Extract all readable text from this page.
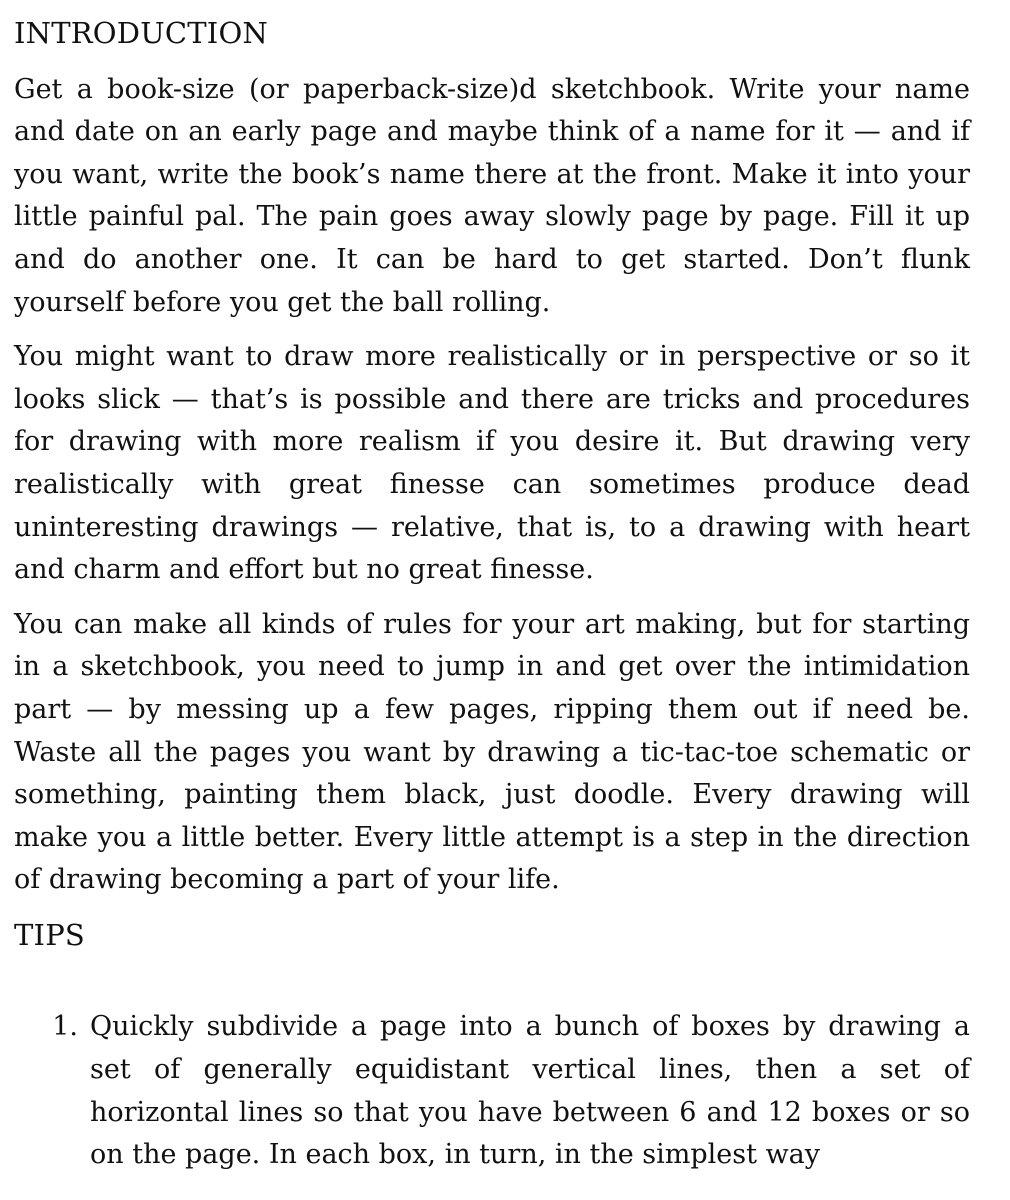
INTRODUCTION

Get a book-size (or paperback-size)d sketchbook. Write your name and date on an early page and maybe think of a name for it — and if you want, write the book’s name there at the front. Make it into your little painful pal. The pain goes away slowly page by page. Fill it up and do another one. It can be hard to get started. Don’t flunk yourself before you get the ball rolling.

You might want to draw more realistically or in perspective or so it looks slick — that’s is possible and there are tricks and procedures for drawing with more realism if you desire it. But drawing very realistically with great finesse can sometimes produce dead uninteresting drawings — relative, that is, to a drawing with heart and charm and effort but no great finesse.

You can make all kinds of rules for your art making, but for starting in a sketchbook, you need to jump in and get over the intimidation part — by messing up a few pages, ripping them out if need be. Waste all the pages you want by drawing a tic-tac-toe schematic or something, painting them black, just doodle. Every drawing will make you a little better. Every little attempt is a step in the direction of drawing becoming a part of your life.

TIPS
1. Quickly subdivide a page into a bunch of boxes by drawing a set of generally equidistant vertical lines, then a set of horizontal lines so that you have between 6 and 12 boxes or so on the page. In each box, in turn, in the simplest way
